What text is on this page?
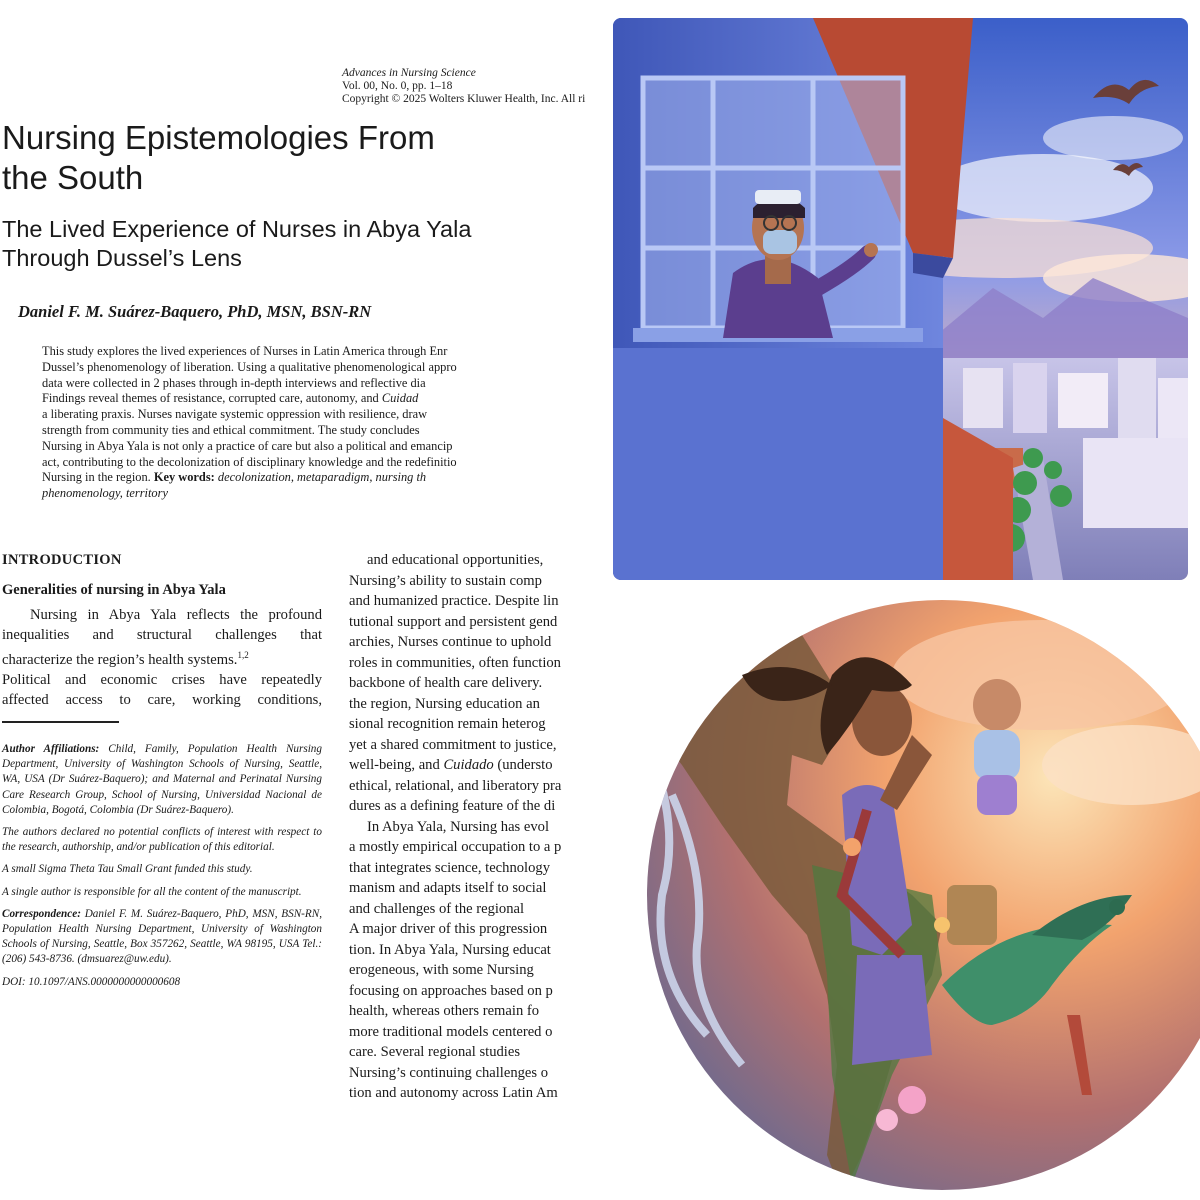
Advances in Nursing Science
Vol. 00, No. 0, pp. 1–18
Copyright © 2025 Wolters Kluwer Health, Inc. All ri
Nursing Epistemologies From
the South
The Lived Experience of Nurses in Abya Yala
Through Dussel’s Lens
Daniel F. M. Suárez-Baquero, PhD, MSN, BSN-RN
This study explores the lived experiences of Nurses in Latin America through Enr
Dussel’s phenomenology of liberation. Using a qualitative phenomenological appro
data were collected in 2 phases through in-depth interviews and reflective dia
Findings reveal themes of resistance, corrupted care, autonomy, and Cuidad
a liberating praxis. Nurses navigate systemic oppression with resilience, draw
strength from community ties and ethical commitment. The study concludes
Nursing in Abya Yala is not only a practice of care but also a political and emancip
act, contributing to the decolonization of disciplinary knowledge and the redefinitio
Nursing in the region. Key words: decolonization, metaparadigm, nursing th
phenomenology, territory
INTRODUCTION
Generalities of nursing in Abya Yala
Nursing in Abya Yala reflects the profound
inequalities and structural challenges that
characterize the region’s health systems.$^{1,2}$
Political and economic crises have repeatedly
affected access to care, working conditions,

Author Affiliations: Child, Family, Population Health Nursing Department, University of Washington Schools of Nursing, Seattle, WA, USA (Dr Suárez-Baquero); and Maternal and Perinatal Nursing Care Research Group, School of Nursing, Universidad Nacional de Colombia, Bogotá, Colombia (Dr Suárez-Baquero).

The authors declared no potential conflicts of interest with respect to the research, authorship, and/or publication of this editorial.

A small Sigma Theta Tau Small Grant funded this study.

A single author is responsible for all the content of the manuscript.

Correspondence: Daniel F. M. Suárez-Baquero, PhD, MSN, BSN-RN, Population Health Nursing Department, University of Washington Schools of Nursing, Seattle, Box 357262, Seattle, WA 98195, USA Tel.: (206) 543-8736. (dmsuarez@uw.edu).

DOI: 10.1097/ANS.0000000000000608

and educational opportunities,
Nursing’s ability to sustain comp
and humanized practice. Despite lin
tutional support and persistent gend
archies, Nurses continue to uphold
roles in communities, often function
backbone of health care delivery.
the region, Nursing education an
sional recognition remain heterog
yet a shared commitment to justice,
well-being, and Cuidado (understo
ethical, relational, and liberatory pra
dures as a defining feature of the di
In Abya Yala, Nursing has evol
a mostly empirical occupation to a p
that integrates science, technology
manism and adapts itself to social
and challenges of the regional
A major driver of this progression
tion. In Abya Yala, Nursing educat
erogeneous, with some Nursing
focusing on approaches based on p
health, whereas others remain fo
more traditional models centered o
care. Several regional studies
Nursing’s continuing challenges o
tion and autonomy across Latin Am
